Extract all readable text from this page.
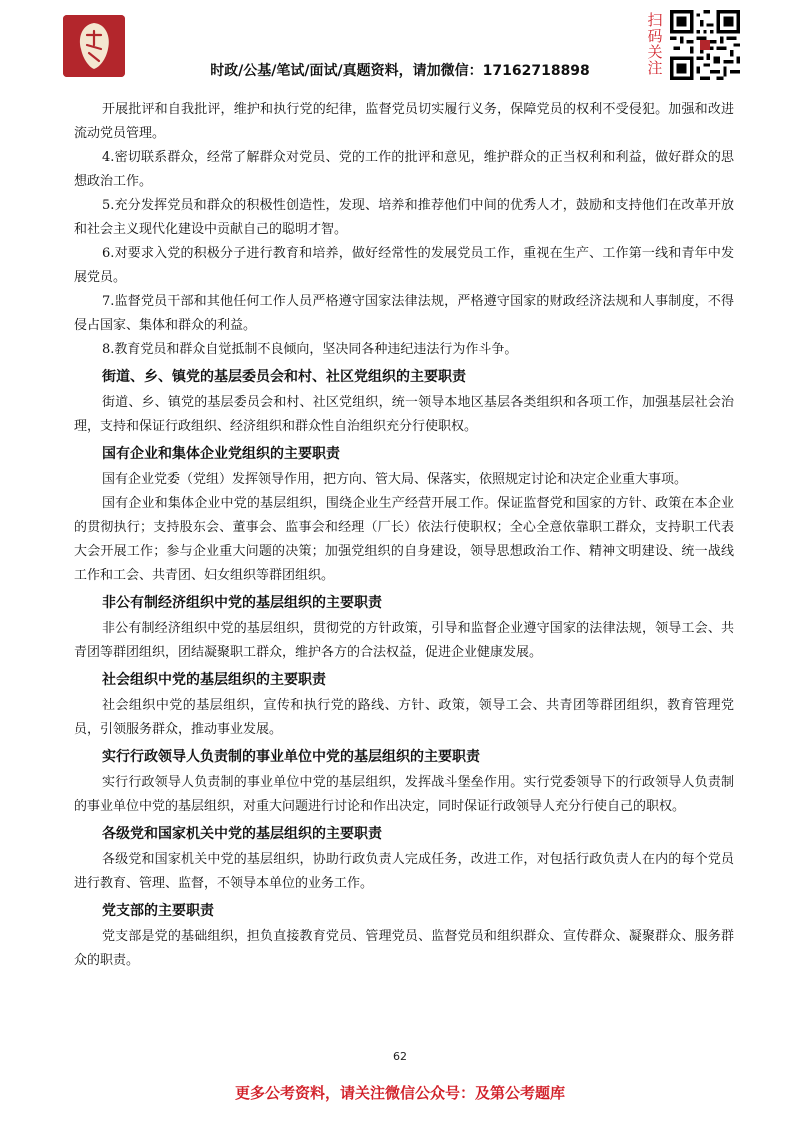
扫码关注
时政/公基/笔试/面试/真题资料，请加微信：17162718898

开展批评和自我批评，维护和执行党的纪律，监督党员切实履行义务，保障党员的权利不受侵犯。加强和改进流动党员管理。

4.密切联系群众，经常了解群众对党员、党的工作的批评和意见，维护群众的正当权利和利益，做好群众的思想政治工作。

5.充分发挥党员和群众的积极性创造性，发现、培养和推荐他们中间的优秀人才，鼓励和支持他们在改革开放和社会主义现代化建设中贡献自己的聪明才智。

6.对要求入党的积极分子进行教育和培养，做好经常性的发展党员工作，重视在生产、工作第一线和青年中发展党员。

7.监督党员干部和其他任何工作人员严格遵守国家法律法规，严格遵守国家的财政经济法规和人事制度，不得侵占国家、集体和群众的利益。

8.教育党员和群众自觉抵制不良倾向，坚决同各种违纪违法行为作斗争。

街道、乡、镇党的基层委员会和村、社区党组织的主要职责

街道、乡、镇党的基层委员会和村、社区党组织，统一领导本地区基层各类组织和各项工作，加强基层社会治理，支持和保证行政组织、经济组织和群众性自治组织充分行使职权。

国有企业和集体企业党组织的主要职责

国有企业党委（党组）发挥领导作用，把方向、管大局、保落实，依照规定讨论和决定企业重大事项。

国有企业和集体企业中党的基层组织，围绕企业生产经营开展工作。保证监督党和国家的方针、政策在本企业的贯彻执行；支持股东会、董事会、监事会和经理（厂长）依法行使职权；全心全意依靠职工群众，支持职工代表大会开展工作；参与企业重大问题的决策；加强党组织的自身建设，领导思想政治工作、精神文明建设、统一战线工作和工会、共青团、妇女组织等群团组织。

非公有制经济组织中党的基层组织的主要职责

非公有制经济组织中党的基层组织，贯彻党的方针政策，引导和监督企业遵守国家的法律法规，领导工会、共青团等群团组织，团结凝聚职工群众，维护各方的合法权益，促进企业健康发展。

社会组织中党的基层组织的主要职责

社会组织中党的基层组织，宣传和执行党的路线、方针、政策，领导工会、共青团等群团组织，教育管理党员，引领服务群众，推动事业发展。

实行行政领导人负责制的事业单位中党的基层组织的主要职责

实行行政领导人负责制的事业单位中党的基层组织，发挥战斗堡垒作用。实行党委领导下的行政领导人负责制的事业单位中党的基层组织，对重大问题进行讨论和作出决定，同时保证行政领导人充分行使自己的职权。

各级党和国家机关中党的基层组织的主要职责

各级党和国家机关中党的基层组织，协助行政负责人完成任务，改进工作，对包括行政负责人在内的每个党员进行教育、管理、监督，不领导本单位的业务工作。

党支部的主要职责

党支部是党的基础组织，担负直接教育党员、管理党员、监督党员和组织群众、宣传群众、凝聚群众、服务群众的职责。

62
更多公考资料，请关注微信公众号：及第公考题库
